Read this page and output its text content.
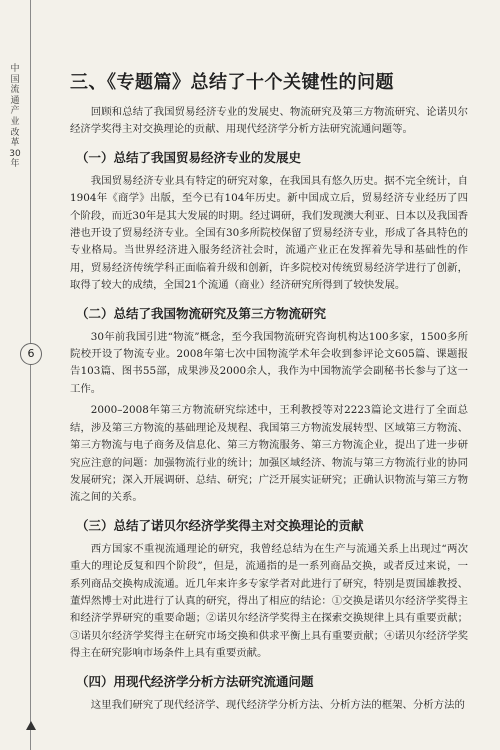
中国流通产业改革30年
6
三、《专题篇》总结了十个关键性的问题

回顾和总结了我国贸易经济专业的发展史、物流研究及第三方物流研究、论诺贝尔经济学奖得主对交换理论的贡献、用现代经济学分析方法研究流通问题等。

（一）总结了我国贸易经济专业的发展史

我国贸易经济专业具有特定的研究对象，在我国具有悠久历史。据不完全统计，自1904年《商学》出版，至今已有104年历史。新中国成立后，贸易经济专业经历了四个阶段，而近30年是其大发展的时期。经过调研，我们发现澳大利亚、日本以及我国香港也开设了贸易经济专业。全国有30多所院校保留了贸易经济专业，形成了各具特色的专业格局。当世界经济进入服务经济社会时，流通产业正在发挥着先导和基础性的作用，贸易经济传统学科正面临着升级和创新，许多院校对传统贸易经济学进行了创新，取得了较大的成绩，全国21个流通（商业）经济研究所得到了较快发展。

（二）总结了我国物流研究及第三方物流研究

30年前我国引进“物流”概念，至今我国物流研究咨询机构达100多家，1500多所院校开设了物流专业。2008年第七次中国物流学术年会收到参评论文605篇、课题报告103篇、图书55部，成果涉及2000余人，我作为中国物流学会副秘书长参与了这一工作。

2000–2008年第三方物流研究综述中，王利教授等对2223篇论文进行了全面总结，涉及第三方物流的基础理论及规程、我国第三方物流发展转型、区域第三方物流、第三方物流与电子商务及信息化、第三方物流服务、第三方物流企业，提出了进一步研究应注意的问题：加强物流行业的统计；加强区域经济、物流与第三方物流行业的协同发展研究；深入开展调研、总结、研究；广泛开展实证研究；正确认识物流与第三方物流之间的关系。

（三）总结了诺贝尔经济学奖得主对交换理论的贡献

西方国家不重视流通理论的研究，我曾经总结为在生产与流通关系上出现过“两次重大的理论反复和四个阶段”，但是，流通指的是一系列商品交换，或者反过来说，一系列商品交换构成流通。近几年来许多专家学者对此进行了研究，特别是贾国雄教授、董焊然博士对此进行了认真的研究，得出了相应的结论：①交换是诺贝尔经济学奖得主和经济学界研究的重要命题；②诺贝尔经济学奖得主在探索交换规律上具有重要贡献；③诺贝尔经济学奖得主在研究市场交换和供求平衡上具有重要贡献；④诺贝尔经济学奖得主在研究影响市场条件上具有重要贡献。

（四）用现代经济学分析方法研究流通问题

这里我们研究了现代经济学、现代经济学分析方法、分析方法的框架、分析方法的
